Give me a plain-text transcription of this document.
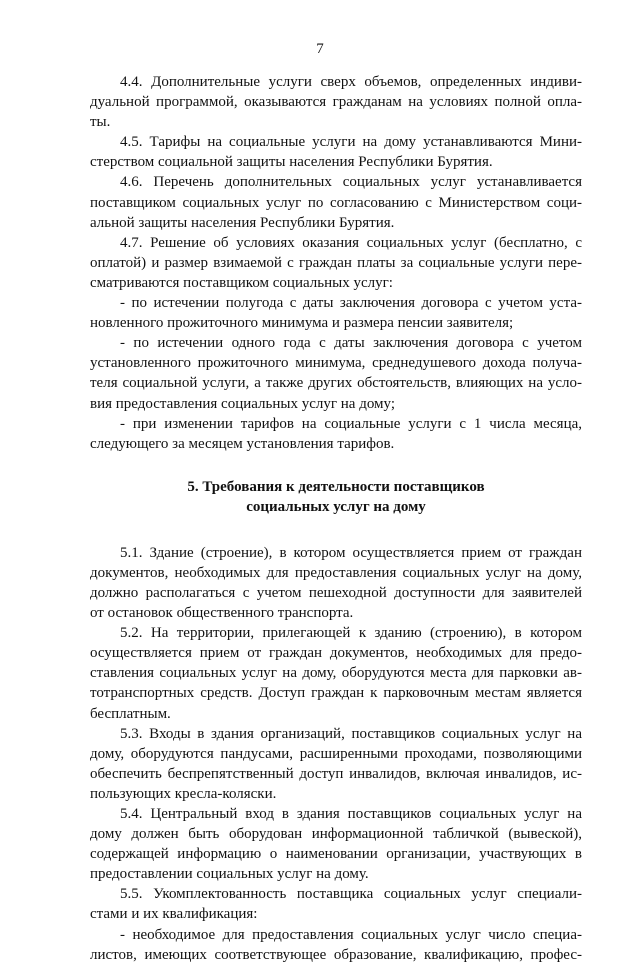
7
4.4. Дополнительные услуги сверх объемов, определенных индиви-
дуальной программой, оказываются гражданам на условиях полной опла-
ты.
4.5. Тарифы на социальные услуги на дому устанавливаются Мини-
стерством социальной защиты населения Республики Бурятия.
4.6. Перечень дополнительных социальных услуг устанавливается
поставщиком социальных услуг по согласованию с Министерством соци-
альной защиты населения Республики Бурятия.
4.7. Решение об условиях оказания социальных услуг (бесплатно, с
оплатой) и размер взимаемой с граждан платы за социальные услуги пере-
сматриваются поставщиком социальных услуг:
- по истечении полугода с даты заключения договора с учетом уста-
новленного прожиточного минимума и размера пенсии заявителя;
- по истечении одного года с даты заключения договора с учетом
установленного прожиточного минимума, среднедушевого дохода получа-
теля социальной услуги, а также других обстоятельств, влияющих на усло-
вия предоставления социальных услуг на дому;
- при изменении тарифов на социальные услуги с 1 числа месяца,
следующего за месяцем установления тарифов.
5. Требования к деятельности поставщиков
социальных услуг на дому
5.1. Здание (строение), в котором осуществляется прием от граждан
документов, необходимых для предоставления социальных услуг на дому,
должно располагаться с учетом пешеходной доступности для заявителей
от остановок общественного транспорта.
5.2. На территории, прилегающей к зданию (строению), в котором
осуществляется прием от граждан документов, необходимых для предо-
ставления социальных услуг на дому, оборудуются места для парковки ав-
тотранспортных средств. Доступ граждан к парковочным местам является
бесплатным.
5.3. Входы в здания организаций, поставщиков социальных услуг на
дому, оборудуются пандусами, расширенными проходами, позволяющими
обеспечить беспрепятственный доступ инвалидов, включая инвалидов, ис-
пользующих кресла-коляски.
5.4. Центральный вход в здания поставщиков социальных услуг на
дому должен быть оборудован информационной табличкой (вывеской),
содержащей информацию о наименовании организации, участвующих в
предоставлении социальных услуг на дому.
5.5. Укомплектованность поставщика социальных услуг специали-
стами и их квалификация:
- необходимое для предоставления социальных услуг число специа-
листов, имеющих соответствующее образование, квалификацию, профес-
